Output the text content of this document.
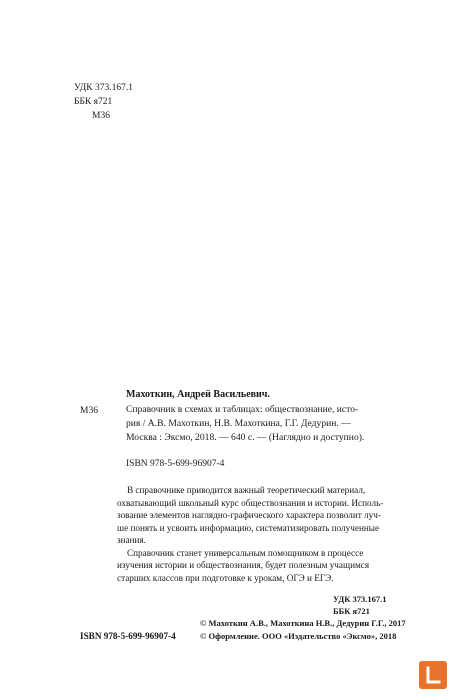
УДК 373.167.1
ББК я721
М36
Махоткин, Андрей Васильевич.
М36	Справочник в схемах и таблицах: обществознание, исто-
рия / А.В. Махоткин, Н.В. Махоткина, Г.Г. Дедурин. —
Москва : Эксмо, 2018. — 640 с. — (Наглядно и доступно).
ISBN 978-5-699-96907-4
В справочнике приводится важный теоретический материал,
охватывающий школьный курс обществознания и истории. Исполь-
зование элементов наглядно-графического характера позволит луч-
ше понять и усвоить информацию, систематизировать полученные
знания.
Справочник станет универсальным помощником в процессе
изучения истории и обществознания, будет полезным учащимся
старших классов при подготовке к урокам, ОГЭ и ЕГЭ.
УДК 373.167.1
ББК я721
© Махоткин А.В., Махоткина Н.В., Дедурин Г.Г., 2017
ISBN 978-5-699-96907-4	© Оформление. ООО «Издательство «Эксмо», 2018
